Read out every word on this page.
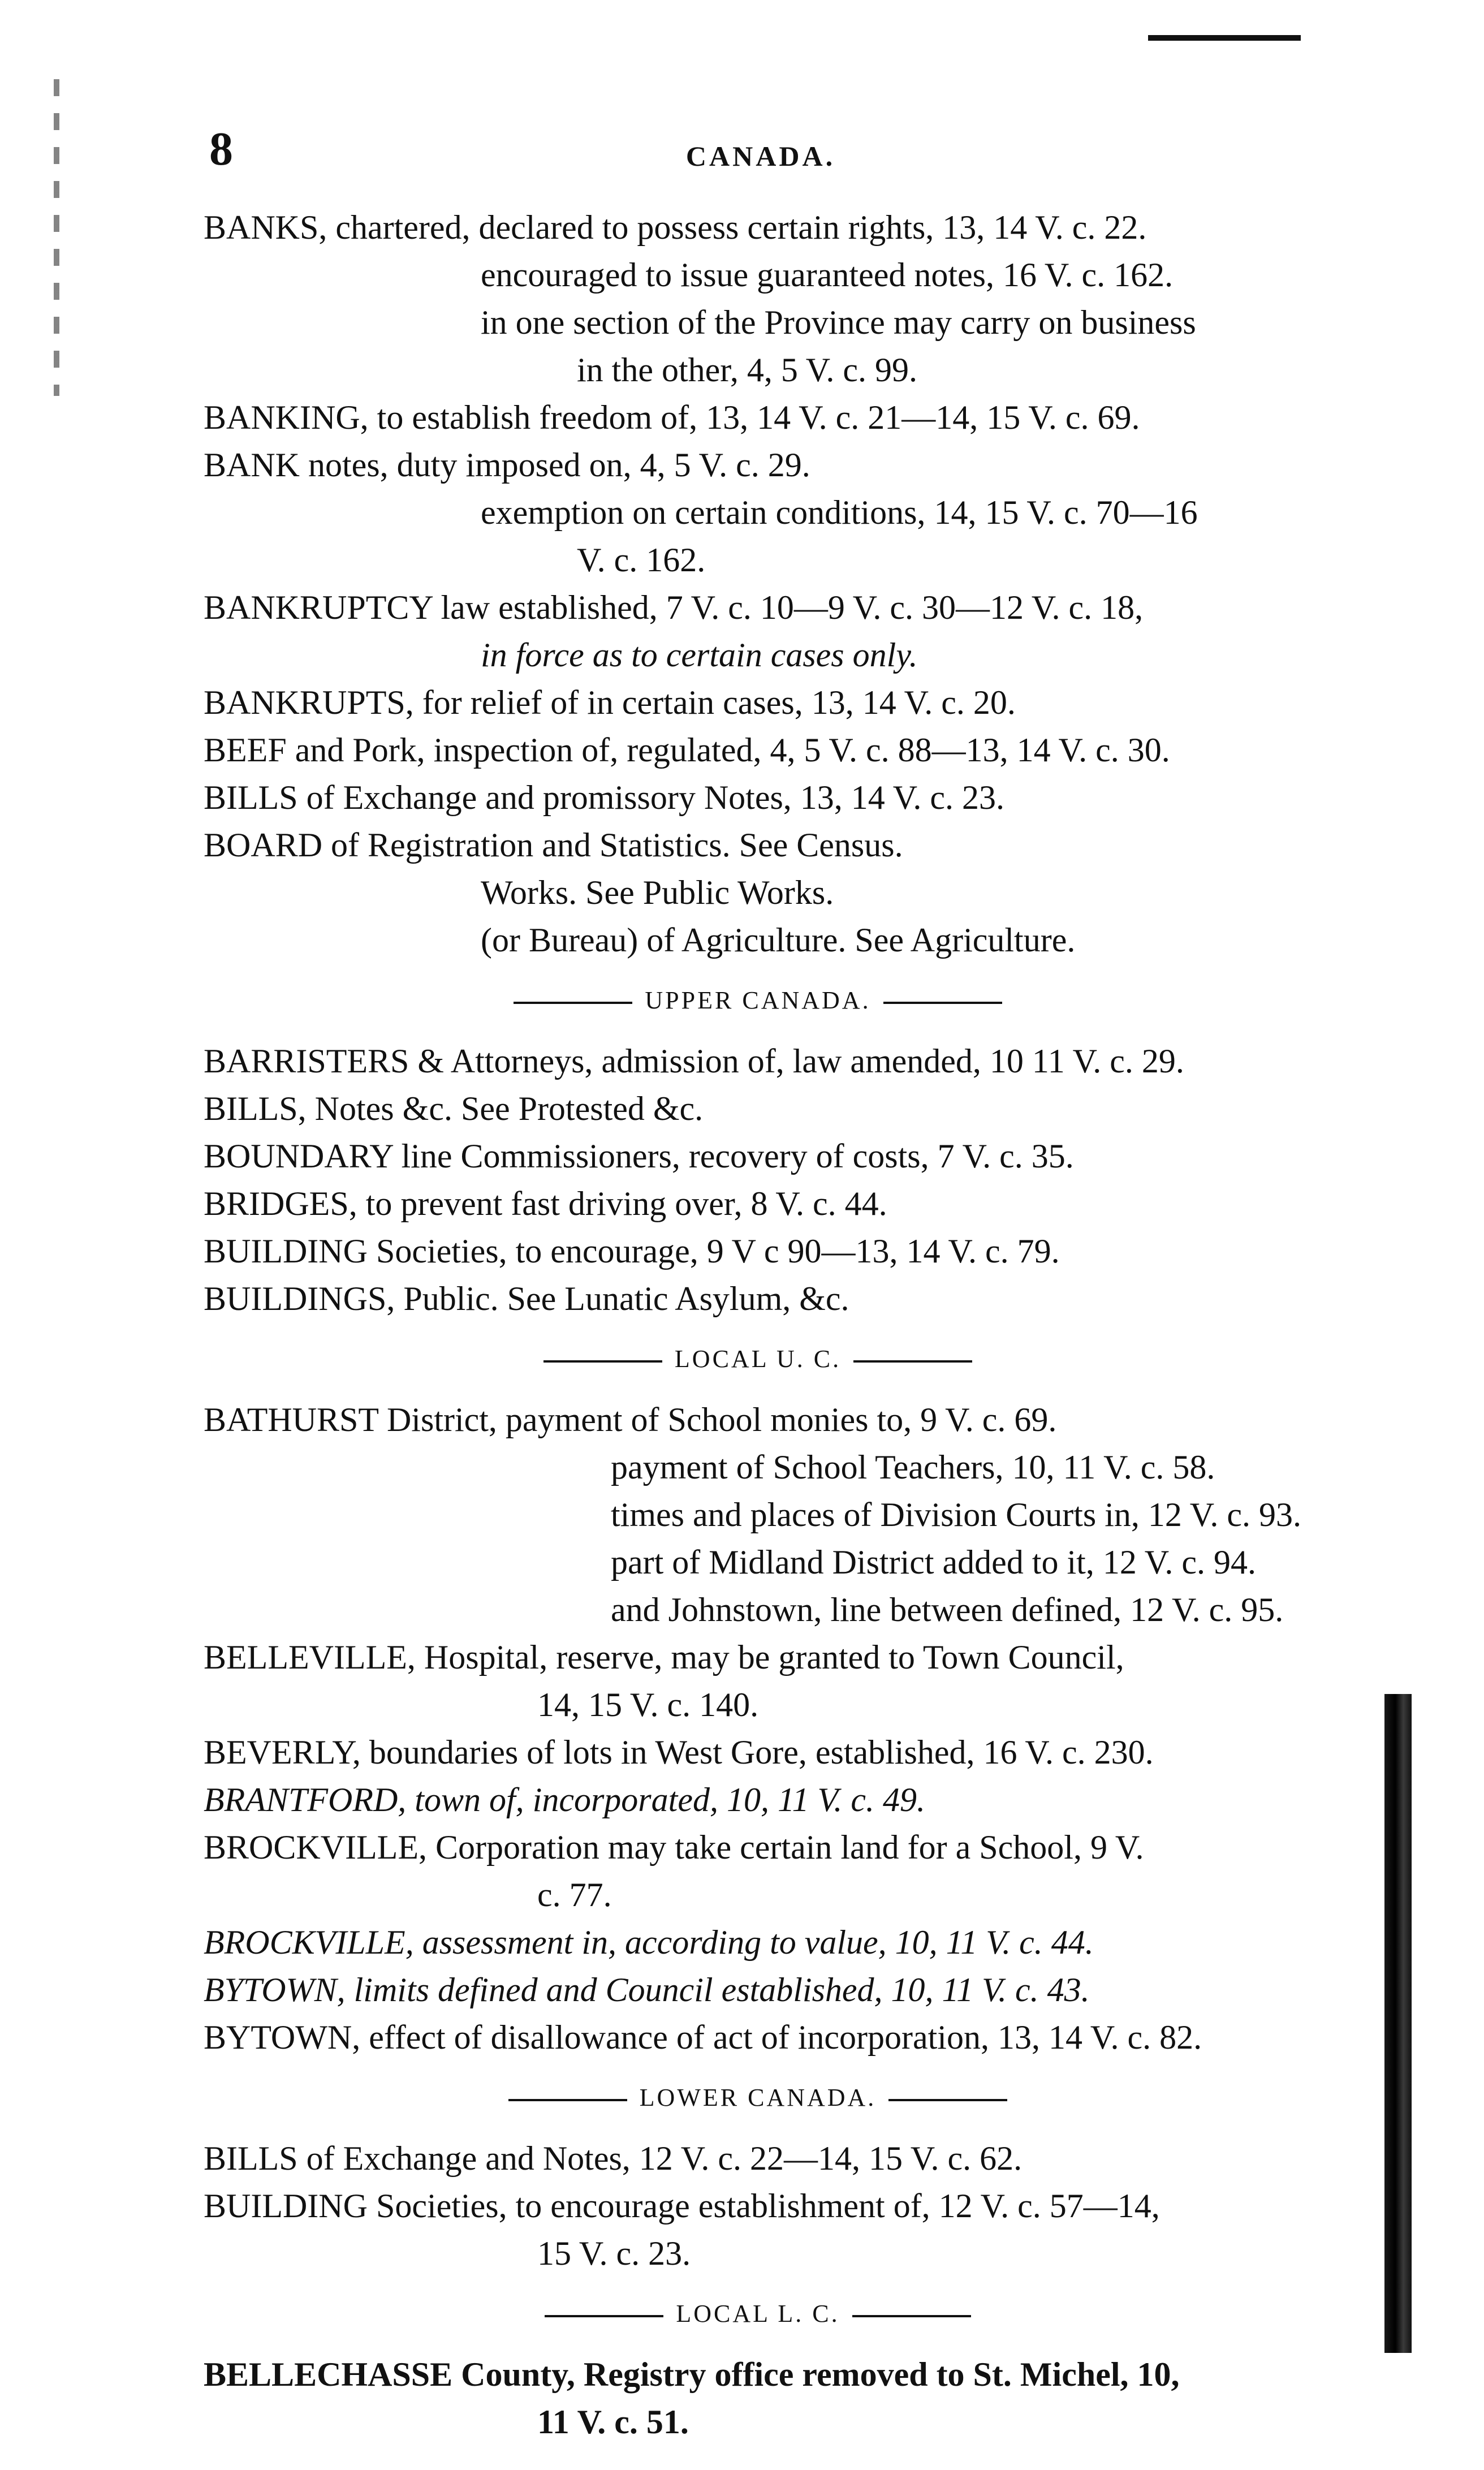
8	CANADA.
BANKS, chartered, declared to possess certain rights, 13, 14 V. c. 22.
encouraged to issue guaranteed notes, 16 V. c. 162.
in one section of the Province may carry on business
in the other, 4, 5 V. c. 99.
BANKING, to establish freedom of, 13, 14 V. c. 21—14, 15 V. c. 69.
BANK notes, duty imposed on, 4, 5 V. c. 29.
exemption on certain conditions, 14, 15 V. c. 70—16
V. c. 162.
BANKRUPTCY law established, 7 V. c. 10—9 V. c. 30—12 V. c. 18,
in force as to certain cases only.
BANKRUPTS, for relief of in certain cases, 13, 14 V. c. 20.
BEEF and Pork, inspection of, regulated, 4, 5 V. c. 88—13, 14 V. c. 30.
BILLS of Exchange and promissory Notes, 13, 14 V. c. 23.
BOARD of Registration and Statistics. See Census.
Works. See Public Works.
(or Bureau) of Agriculture. See Agriculture.
UPPER CANADA.
BARRISTERS & Attorneys, admission of, law amended, 10 11 V. c. 29.
BILLS, Notes &c. See Protested &c.
BOUNDARY line Commissioners, recovery of costs, 7 V. c. 35.
BRIDGES, to prevent fast driving over, 8 V. c. 44.
BUILDING Societies, to encourage, 9 V c 90—13, 14 V. c. 79.
BUILDINGS, Public. See Lunatic Asylum, &c.
LOCAL U. C.
BATHURST District, payment of School monies to, 9 V. c. 69.
payment of School Teachers, 10, 11 V. c. 58.
times and places of Division Courts in, 12 V. c. 93.
part of Midland District added to it, 12 V. c. 94.
and Johnstown, line between defined, 12 V. c. 95.
BELLEVILLE, Hospital, reserve, may be granted to Town Council,
14, 15 V. c. 140.
BEVERLY, boundaries of lots in West Gore, established, 16 V. c. 230.
BRANTFORD, town of, incorporated, 10, 11 V. c. 49.
BROCKVILLE, Corporation may take certain land for a School, 9 V.
c. 77.
BROCKVILLE, assessment in, according to value, 10, 11 V. c. 44.
BYTOWN, limits defined and Council established, 10, 11 V. c. 43.
BYTOWN, effect of disallowance of act of incorporation, 13, 14 V. c. 82.
LOWER CANADA.
BILLS of Exchange and Notes, 12 V. c. 22—14, 15 V. c. 62.
BUILDING Societies, to encourage establishment of, 12 V. c. 57—14,
15 V. c. 23.
LOCAL L. C.
BELLECHASSE County, Registry office removed to St. Michel, 10,
11 V. c. 51.
